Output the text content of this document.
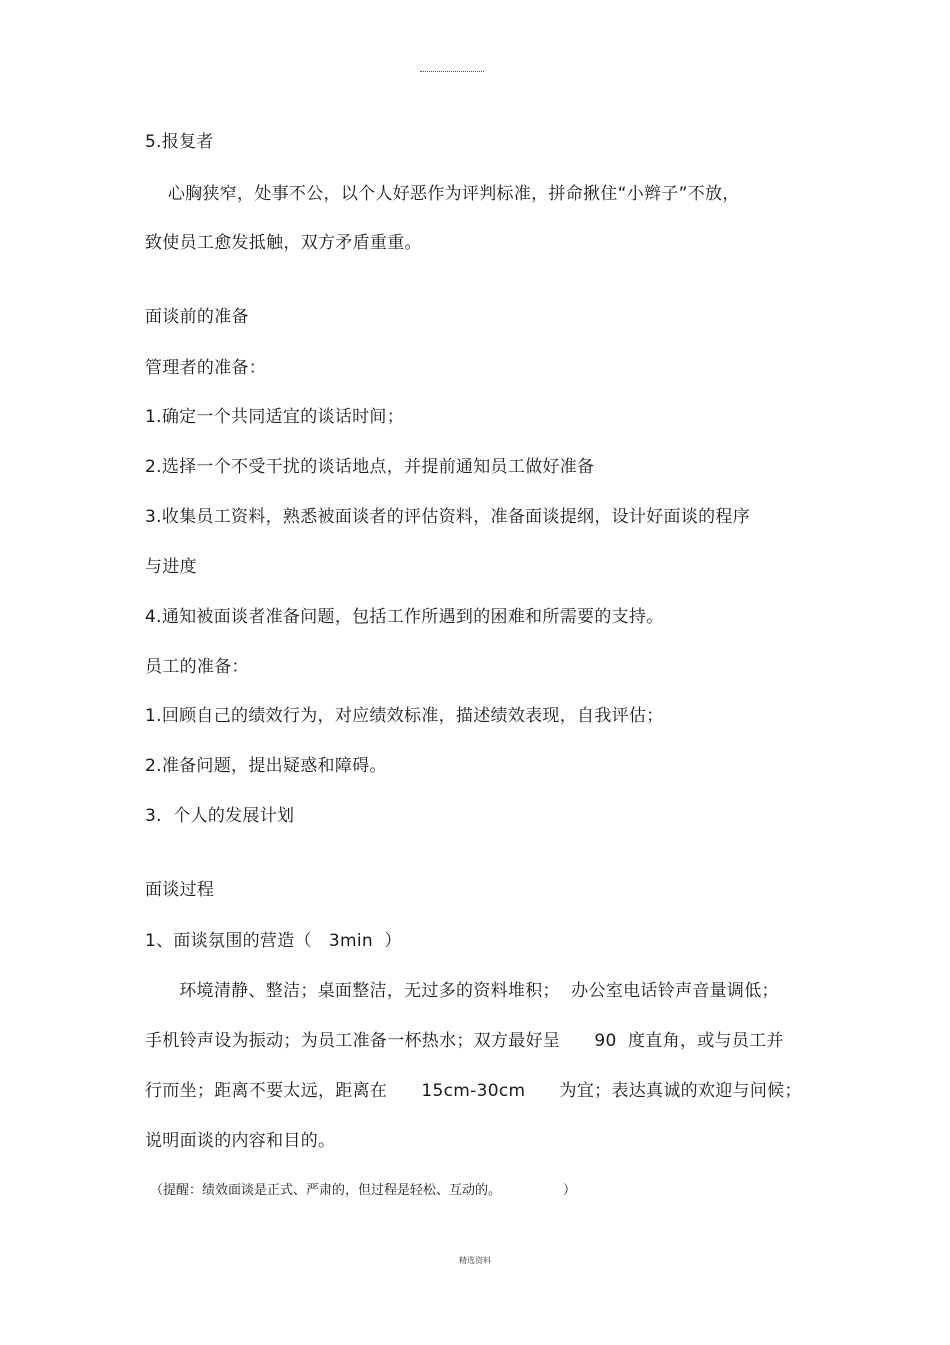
5.报复者
心胸狭窄，处事不公，以个人好恶作为评判标准，拼命揪住“小辫子”不放，
致使员工愈发抵触，双方矛盾重重。
面谈前的准备
管理者的准备：
1.确定一个共同适宜的谈话时间；
2.选择一个不受干扰的谈话地点，并提前通知员工做好准备
3.收集员工资料，熟悉被面谈者的评估资料，准备面谈提纲，设计好面谈的程序
与进度
4.通知被面谈者准备问题，包括工作所遇到的困难和所需要的支持。
员工的准备：
1.回顾自己的绩效行为，对应绩效标准，描述绩效表现，自我评估；
2.准备问题，提出疑惑和障碍。
3.  个人的发展计划
面谈过程
1、面谈氛围的营造（   3min  ）
环境清静、整洁；桌面整洁，无过多的资料堆积；  办公室电话铃声音量调低；
手机铃声设为振动；为员工准备一杯热水；双方最好呈      90  度直角，或与员工并
行而坐；距离不要太远，距离在      15cm-30cm      为宜；表达真诚的欢迎与问候；
说明面谈的内容和目的。
（提醒：绩效面谈是正式、严肃的，但过程是轻松、互动的。               ）
精选资料
